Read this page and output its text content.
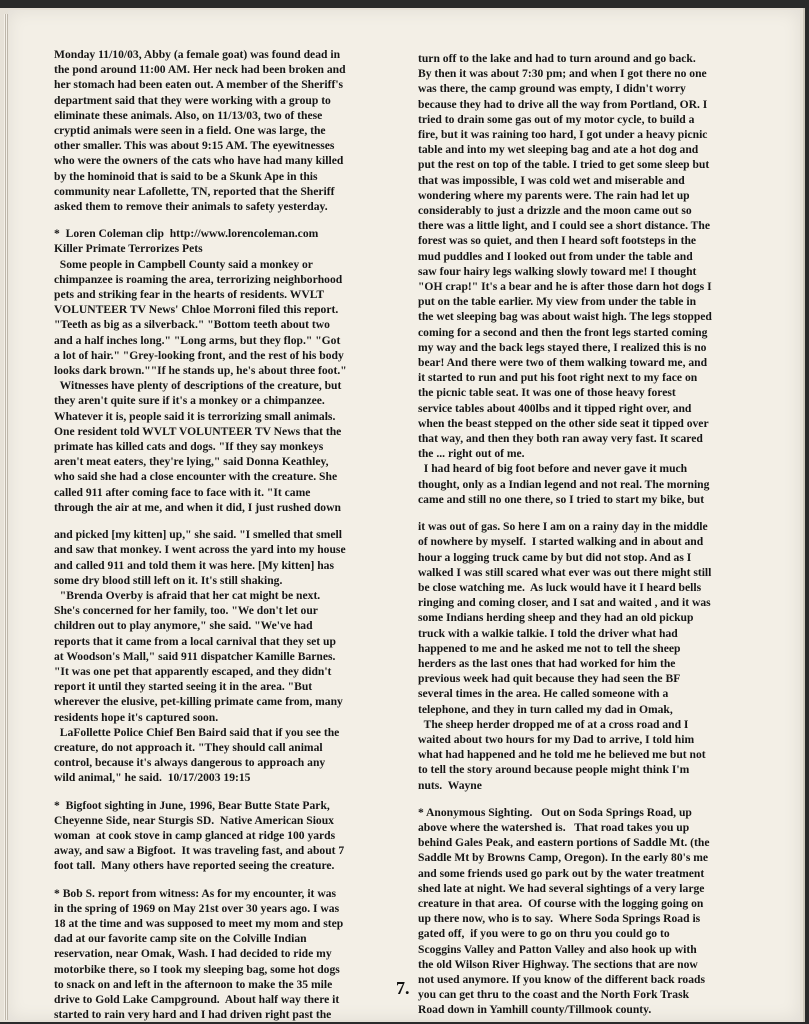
Monday 11/10/03, Abby (a female goat) was found dead in
the pond around 11:00 AM. Her neck had been broken and
her stomach had been eaten out. A member of the Sheriff's
department said that they were working with a group to
eliminate these animals. Also, on 11/13/03, two of these
cryptid animals were seen in a field. One was large, the
other smaller. This was about 9:15 AM. The eyewitnesses
who were the owners of the cats who have had many killed
by the hominoid that is said to be a Skunk Ape in this
community near Lafollette, TN, reported that the Sheriff
asked them to remove their animals to safety yesterday.
*  Loren Coleman clip  http://www.lorencoleman.com
Killer Primate Terrorizes Pets
Some people in Campbell County said a monkey or
chimpanzee is roaming the area, terrorizing neighborhood
pets and striking fear in the hearts of residents. WVLT
VOLUNTEER TV News' Chloe Morroni filed this report.
"Teeth as big as a silverback." "Bottom teeth about two
and a half inches long." "Long arms, but they flop." "Got
a lot of hair." "Grey-looking front, and the rest of his body
looks dark brown.""If he stands up, he's about three foot."
Witnesses have plenty of descriptions of the creature, but
they aren't quite sure if it's a monkey or a chimpanzee.
Whatever it is, people said it is terrorizing small animals.
One resident told WVLT VOLUNTEER TV News that the
primate has killed cats and dogs. "If they say monkeys
aren't meat eaters, they're lying," said Donna Keathley,
who said she had a close encounter with the creature. She
called 911 after coming face to face with it. "It came
through the air at me, and when it did, I just rushed down
and picked [my kitten] up," she said. "I smelled that smell
and saw that monkey. I went across the yard into my house
and called 911 and told them it was here. [My kitten] has
some dry blood still left on it. It's still shaking.
"Brenda Overby is afraid that her cat might be next.
She's concerned for her family, too. "We don't let our
children out to play anymore," she said. "We've had
reports that it came from a local carnival that they set up
at Woodson's Mall," said 911 dispatcher Kamille Barnes.
"It was one pet that apparently escaped, and they didn't
report it until they started seeing it in the area. "But
wherever the elusive, pet-killing primate came from, many
residents hope it's captured soon.
LaFollette Police Chief Ben Baird said that if you see the
creature, do not approach it. "They should call animal
control, because it's always dangerous to approach any
wild animal," he said.  10/17/2003 19:15
*  Bigfoot sighting in June, 1996, Bear Butte State Park,
Cheyenne Side, near Sturgis SD.  Native American Sioux
woman  at cook stove in camp glanced at ridge 100 yards
away, and saw a Bigfoot.  It was traveling fast, and about 7
foot tall.  Many others have reported seeing the creature.
* Bob S. report from witness: As for my encounter, it was
in the spring of 1969 on May 21st over 30 years ago. I was
18 at the time and was supposed to meet my mom and step
dad at our favorite camp site on the Colville Indian
reservation, near Omak, Wash. I had decided to ride my
motorbike there, so I took my sleeping bag, some hot dogs
to snack on and left in the afternoon to make the 35 mile
drive to Gold Lake Campground.  About half way there it
started to rain very hard and I had driven right past the
turn off to the lake and had to turn around and go back.
By then it was about 7:30 pm; and when I got there no one
was there, the camp ground was empty, I didn't worry
because they had to drive all the way from Portland, OR. I
tried to drain some gas out of my motor cycle, to build a
fire, but it was raining too hard, I got under a heavy picnic
table and into my wet sleeping bag and ate a hot dog and
put the rest on top of the table. I tried to get some sleep but
that was impossible, I was cold wet and miserable and
wondering where my parents were. The rain had let up
considerably to just a drizzle and the moon came out so
there was a little light, and I could see a short distance. The
forest was so quiet, and then I heard soft footsteps in the
mud puddles and I looked out from under the table and
saw four hairy legs walking slowly toward me! I thought
"OH crap!" It's a bear and he is after those darn hot dogs I
put on the table earlier. My view from under the table in
the wet sleeping bag was about waist high. The legs stopped
coming for a second and then the front legs started coming
my way and the back legs stayed there, I realized this is no
bear! And there were two of them walking toward me, and
it started to run and put his foot right next to my face on
the picnic table seat. It was one of those heavy forest
service tables about 400lbs and it tipped right over, and
when the beast stepped on the other side seat it tipped over
that way, and then they both ran away very fast. It scared
the ... right out of me.
I had heard of big foot before and never gave it much
thought, only as a Indian legend and not real. The morning
came and still no one there, so I tried to start my bike, but
it was out of gas. So here I am on a rainy day in the middle
of nowhere by myself.  I started walking and in about and
hour a logging truck came by but did not stop. And as I
walked I was still scared what ever was out there might still
be close watching me.  As luck would have it I heard bells
ringing and coming closer, and I sat and waited , and it was
some Indians herding sheep and they had an old pickup
truck with a walkie talkie. I told the driver what had
happened to me and he asked me not to tell the sheep
herders as the last ones that had worked for him the
previous week had quit because they had seen the BF
several times in the area. He called someone with a
telephone, and they in turn called my dad in Omak,
The sheep herder dropped me of at a cross road and I
waited about two hours for my Dad to arrive, I told him
what had happened and he told me he believed me but not
to tell the story around because people might think I'm
nuts.  Wayne
* Anonymous Sighting.   Out on Soda Springs Road, up
above where the watershed is.   That road takes you up
behind Gales Peak, and eastern portions of Saddle Mt. (the
Saddle Mt by Browns Camp, Oregon). In the early 80's me
and some friends used go park out by the water treatment
shed late at night. We had several sightings of a very large
creature in that area.  Of course with the logging going on
up there now, who is to say.  Where Soda Springs Road is
gated off,  if you were to go on thru you could go to
Scoggins Valley and Patton Valley and also hook up with
the old Wilson River Highway. The sections that are now
not used anymore. If you know of the different back roads
you can get thru to the coast and the North Fork Trask
Road down in Yamhill county/Tillmook county.
7.
